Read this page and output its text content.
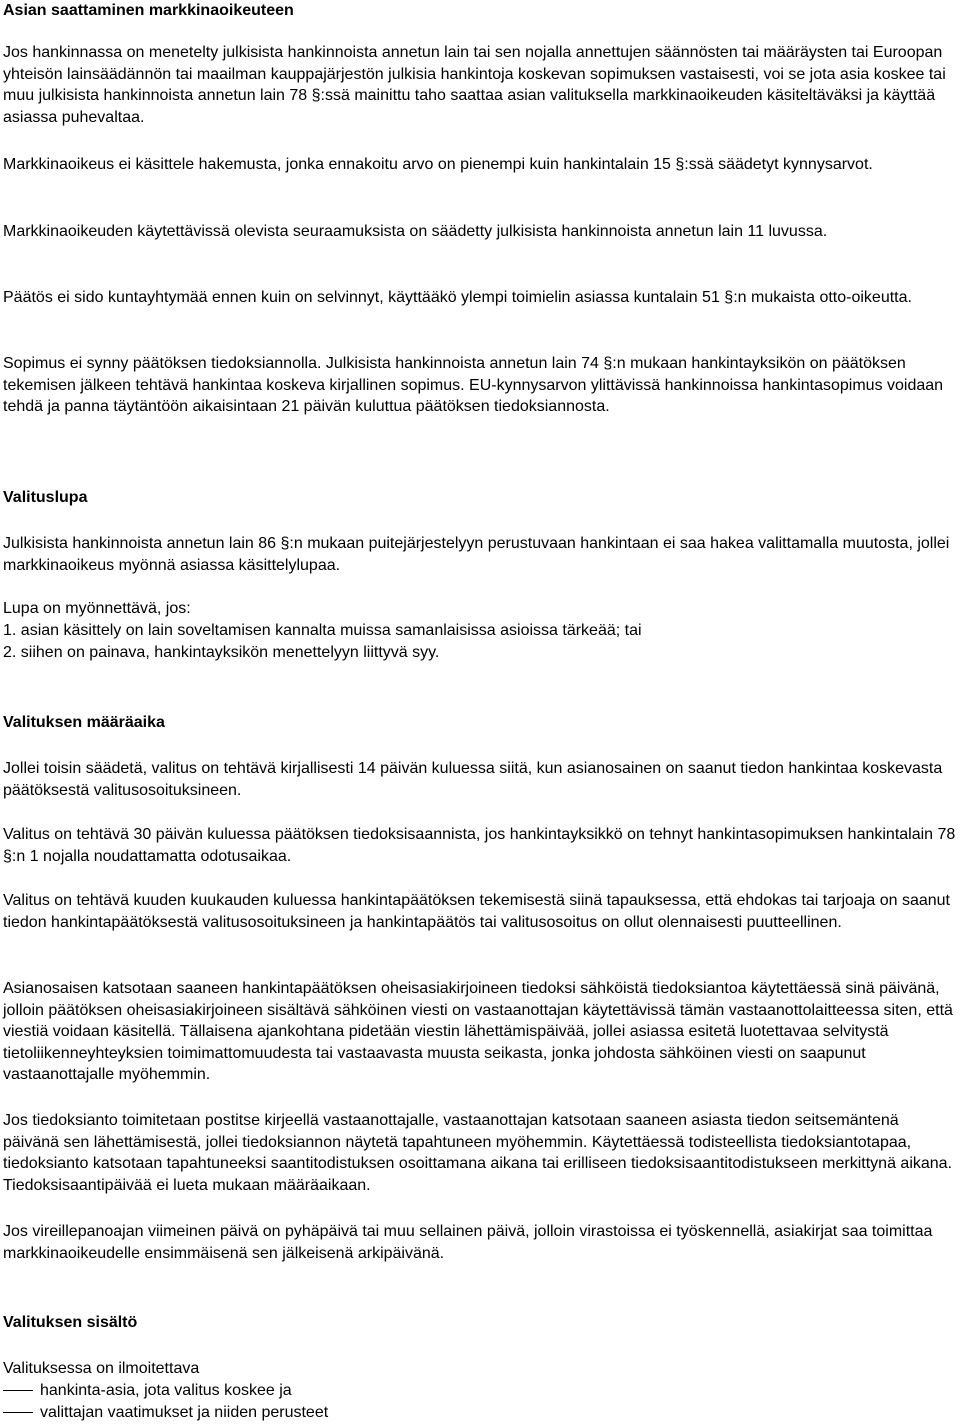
Asian saattaminen markkinaoikeuteen

Jos hankinnassa on menetelty julkisista hankinnoista annetun lain tai sen nojalla annettujen säännösten tai määräysten tai Euroopan yhteisön lainsäädännön tai maailman kauppajärjestön julkisia hankintoja koskevan sopimuksen vastaisesti, voi se jota asia koskee tai muu julkisista hankinnoista annetun lain 78 §:ssä mainittu taho saattaa asian valituksella markkinaoikeuden käsiteltäväksi ja käyttää asiassa puhevaltaa.

Markkinaoikeus ei käsittele hakemusta, jonka ennakoitu arvo on pienempi kuin hankintalain 15 §:ssä säädetyt kynnysarvot.

Markkinaoikeuden käytettävissä olevista seuraamuksista on säädetty julkisista hankinnoista annetun lain 11 luvussa.

Päätös ei sido kuntayhtymää ennen kuin on selvinnyt, käyttääkö ylempi toimielin asiassa kuntalain 51 §:n mukaista otto-oikeutta.

Sopimus ei synny päätöksen tiedoksiannolla. Julkisista hankinnoista annetun lain 74 §:n mukaan hankintayksikön on päätöksen tekemisen jälkeen tehtävä hankintaa koskeva kirjallinen sopimus. EU-kynnysarvon ylittävissä hankinnoissa hankintasopimus voidaan tehdä ja panna täytäntöön aikaisintaan 21 päivän kuluttua päätöksen tiedoksiannosta.

Valituslupa

Julkisista hankinnoista annetun lain 86 §:n mukaan puitejärjestelyyn perustuvaan hankintaan ei saa hakea valittamalla muutosta, jollei markkinaoikeus myönnä asiassa käsittelylupaa.

Lupa on myönnettävä, jos:

1. asian käsittely on lain soveltamisen kannalta muissa samanlaisissa asioissa tärkeää; tai

2. siihen on painava, hankintayksikön menettelyyn liittyvä syy.

Valituksen määräaika

Jollei toisin säädetä, valitus on tehtävä kirjallisesti 14 päivän kuluessa siitä, kun asianosainen on saanut tiedon hankintaa koskevasta päätöksestä valitusosoituksineen.

Valitus on tehtävä 30 päivän kuluessa päätöksen tiedoksisaannista, jos hankintayksikkö on tehnyt hankintasopimuksen hankintalain 78 §:n 1 nojalla noudattamatta odotusaikaa.

Valitus on tehtävä kuuden kuukauden kuluessa hankintapäätöksen tekemisestä siinä tapauksessa, että ehdokas tai tarjoaja on saanut tiedon hankintapäätöksestä valitusosoituksineen ja hankintapäätös tai valitusosoitus on ollut olennaisesti puutteellinen.

Asianosaisen katsotaan saaneen hankintapäätöksen oheisasiakirjoineen tiedoksi sähköistä tiedoksiantoa käytettäessä sinä päivänä, jolloin päätöksen oheisasiakirjoineen sisältävä sähköinen viesti on vastaanottajan käytettävissä tämän vastaanottolaitteessa siten, että viestiä voidaan käsitellä. Tällaisena ajankohtana pidetään viestin lähettämispäivää, jollei asiassa esitetä luotettavaa selvitystä tietoliikenneyhteyksien toimimattomuudesta tai vastaavasta muusta seikasta, jonka johdosta sähköinen viesti on saapunut vastaanottajalle myöhemmin.

Jos tiedoksianto toimitetaan postitse kirjeellä vastaanottajalle, vastaanottajan katsotaan saaneen asiasta tiedon seitsemäntenä päivänä sen lähettämisestä, jollei tiedoksiannon näytetä tapahtuneen myöhemmin. Käytettäessä todisteellista tiedoksiantotapaa, tiedoksianto katsotaan tapahtuneeksi saantitodistuksen osoittamana aikana tai erilliseen tiedoksisaantitodistukseen merkittynä aikana. Tiedoksisaantipäivää ei lueta mukaan määräaikaan.

Jos vireillepanoajan viimeinen päivä on pyhäpäivä tai muu sellainen päivä, jolloin virastoissa ei työskennellä, asiakirjat saa toimittaa markkinaoikeudelle ensimmäisenä sen jälkeisenä arkipäivänä.

Valituksen sisältö

Valituksessa on ilmoitettava

hankinta-asia, jota valitus koskee ja
valittajan vaatimukset ja niiden perusteet
